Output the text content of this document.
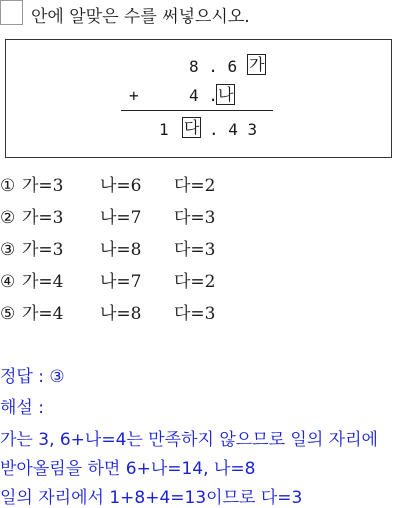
안에 알맞은 수를 써넣으시오.
8 . 6 가
+	4 . 나
1 다 . 4 3
① 가=3 나=6 다=2
② 가=3 나=7 다=3
③ 가=3 나=8 다=3
④ 가=4 나=7 다=2
⑤ 가=4 나=8 다=3
정답 : ③
해설 :
가는 3, 6+나=4는 만족하지 않으므로 일의 자리에
받아올림을 하면 6+나=14, 나=8
일의 자리에서 1+8+4=13이므로 다=3
